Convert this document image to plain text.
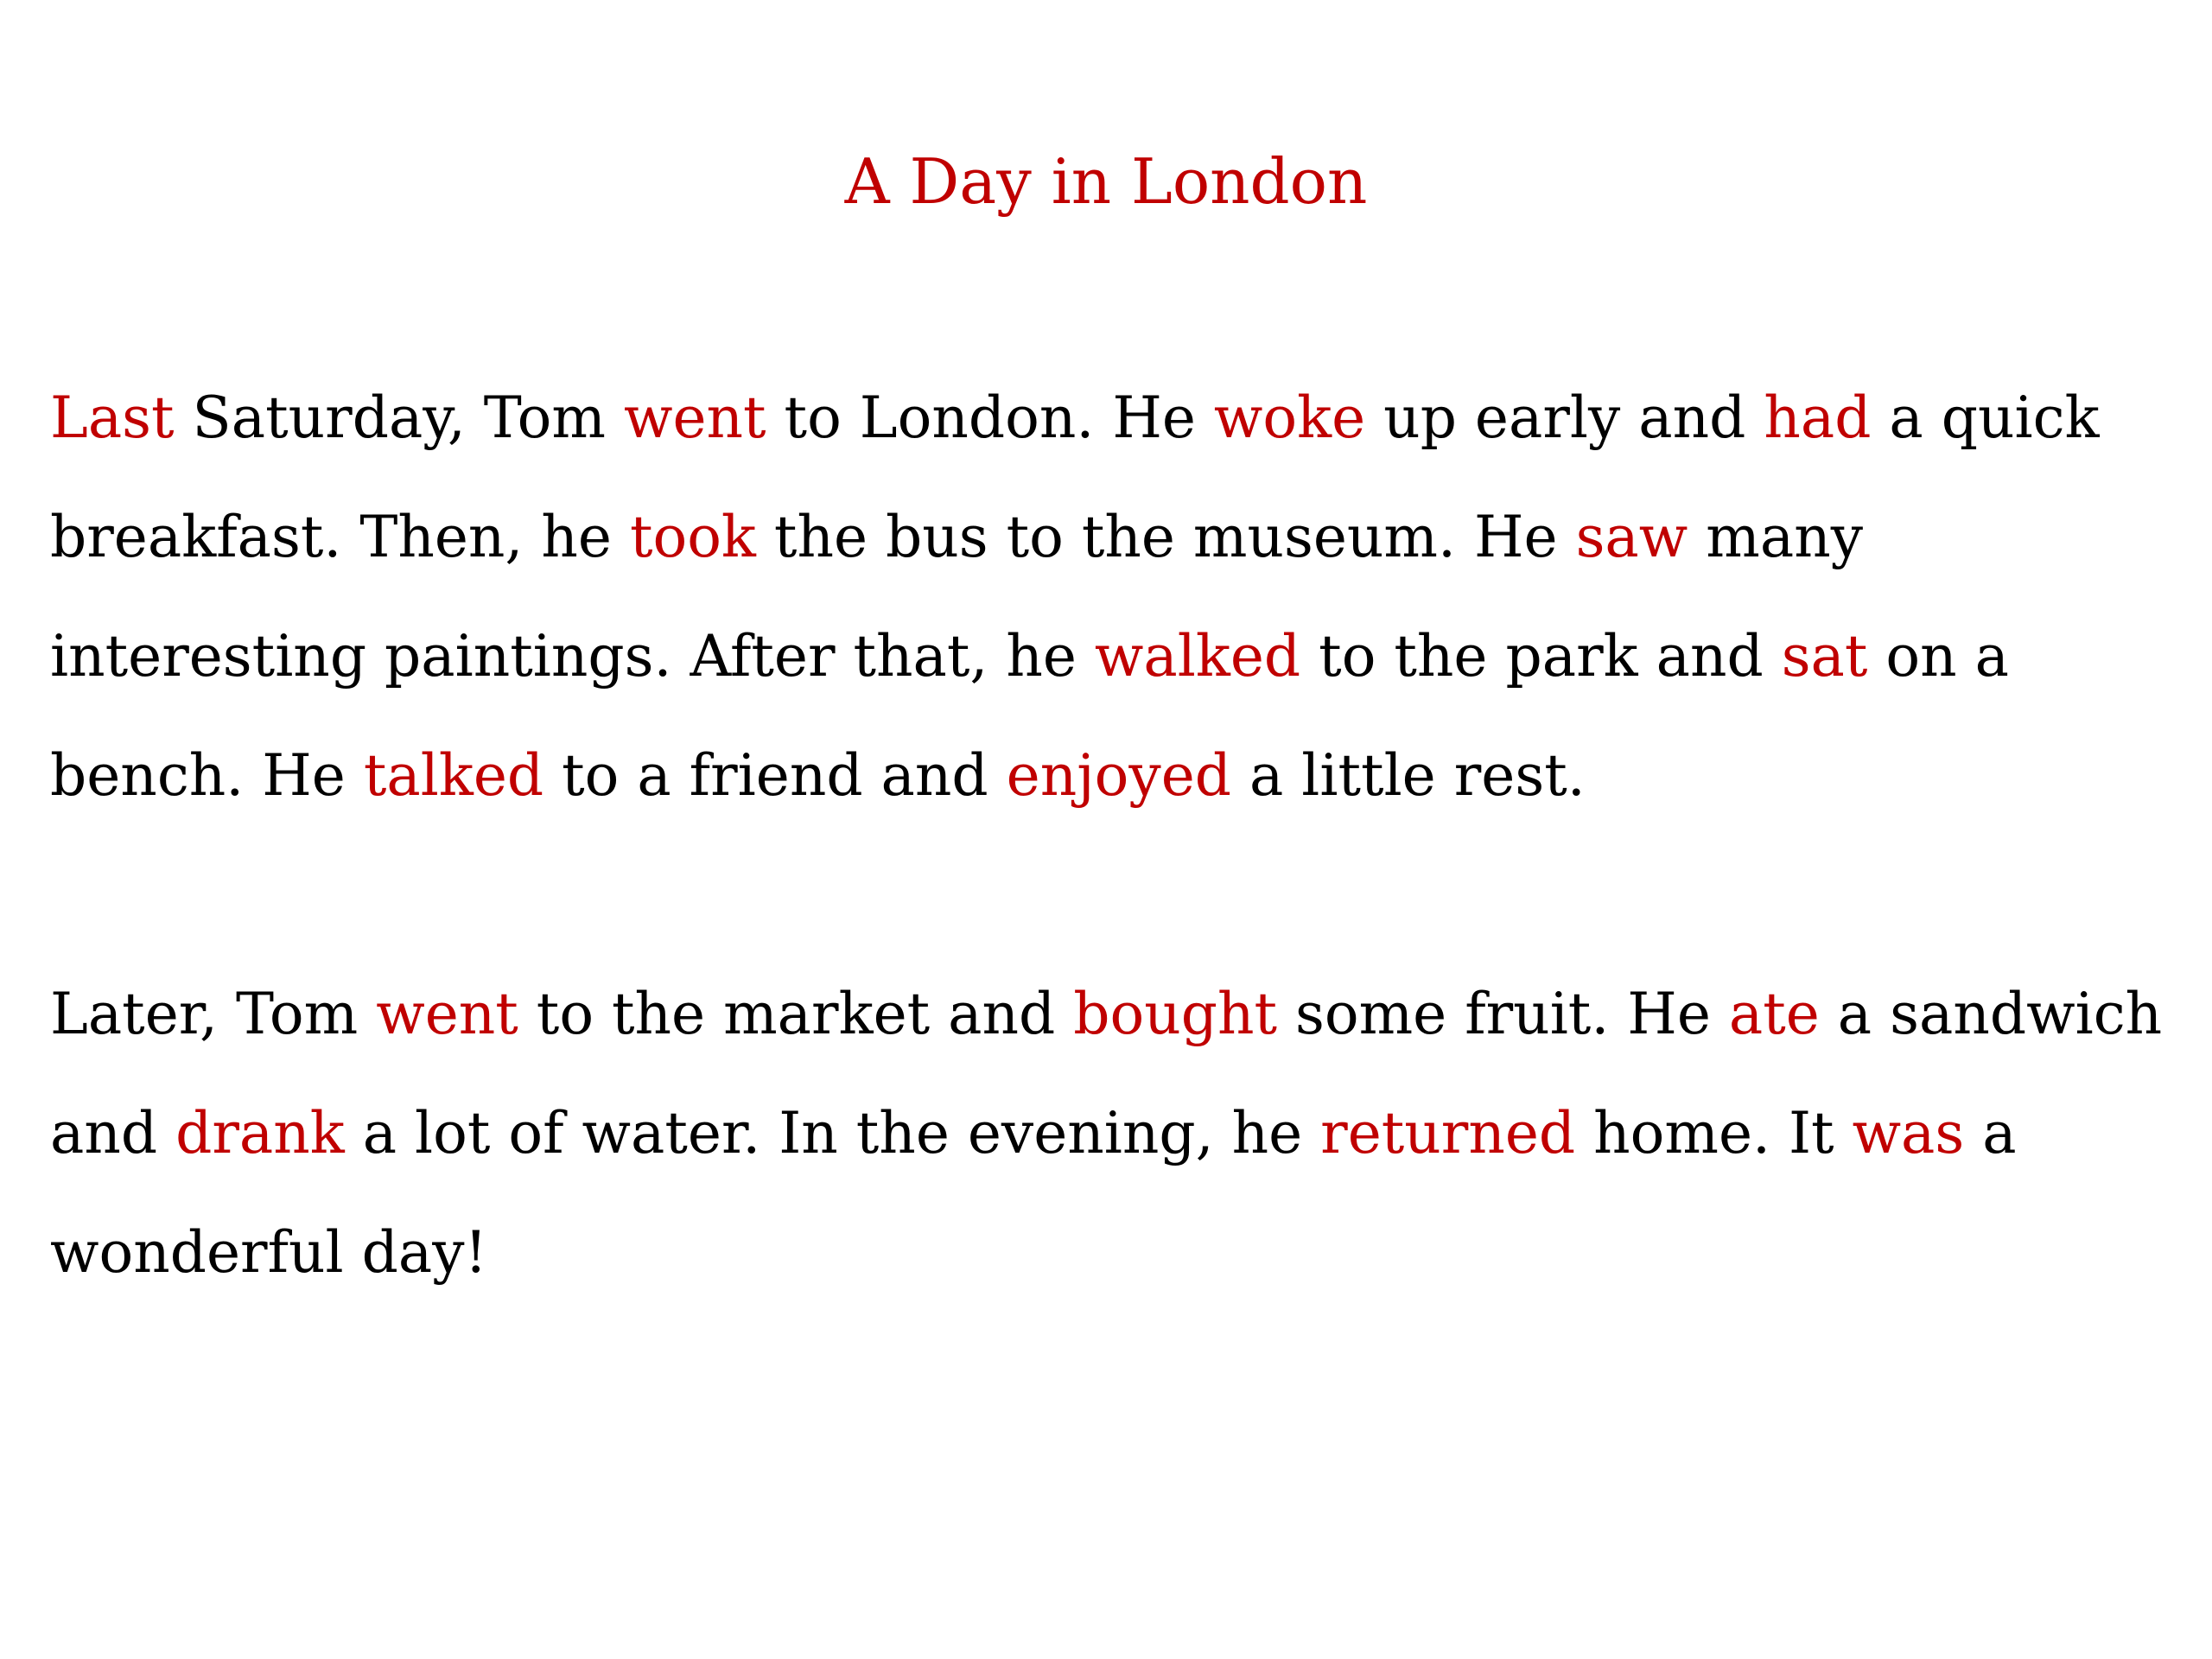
A Day in London

Last Saturday, Tom went to London. He woke up early and had a quick breakfast. Then, he took the bus to the museum. He saw many interesting paintings. After that, he walked to the park and sat on a bench. He talked to a friend and enjoyed a little rest.

Later, Tom went to the market and bought some fruit. He ate a sandwich and drank a lot of water. In the evening, he returned home. It was a wonderful day!
